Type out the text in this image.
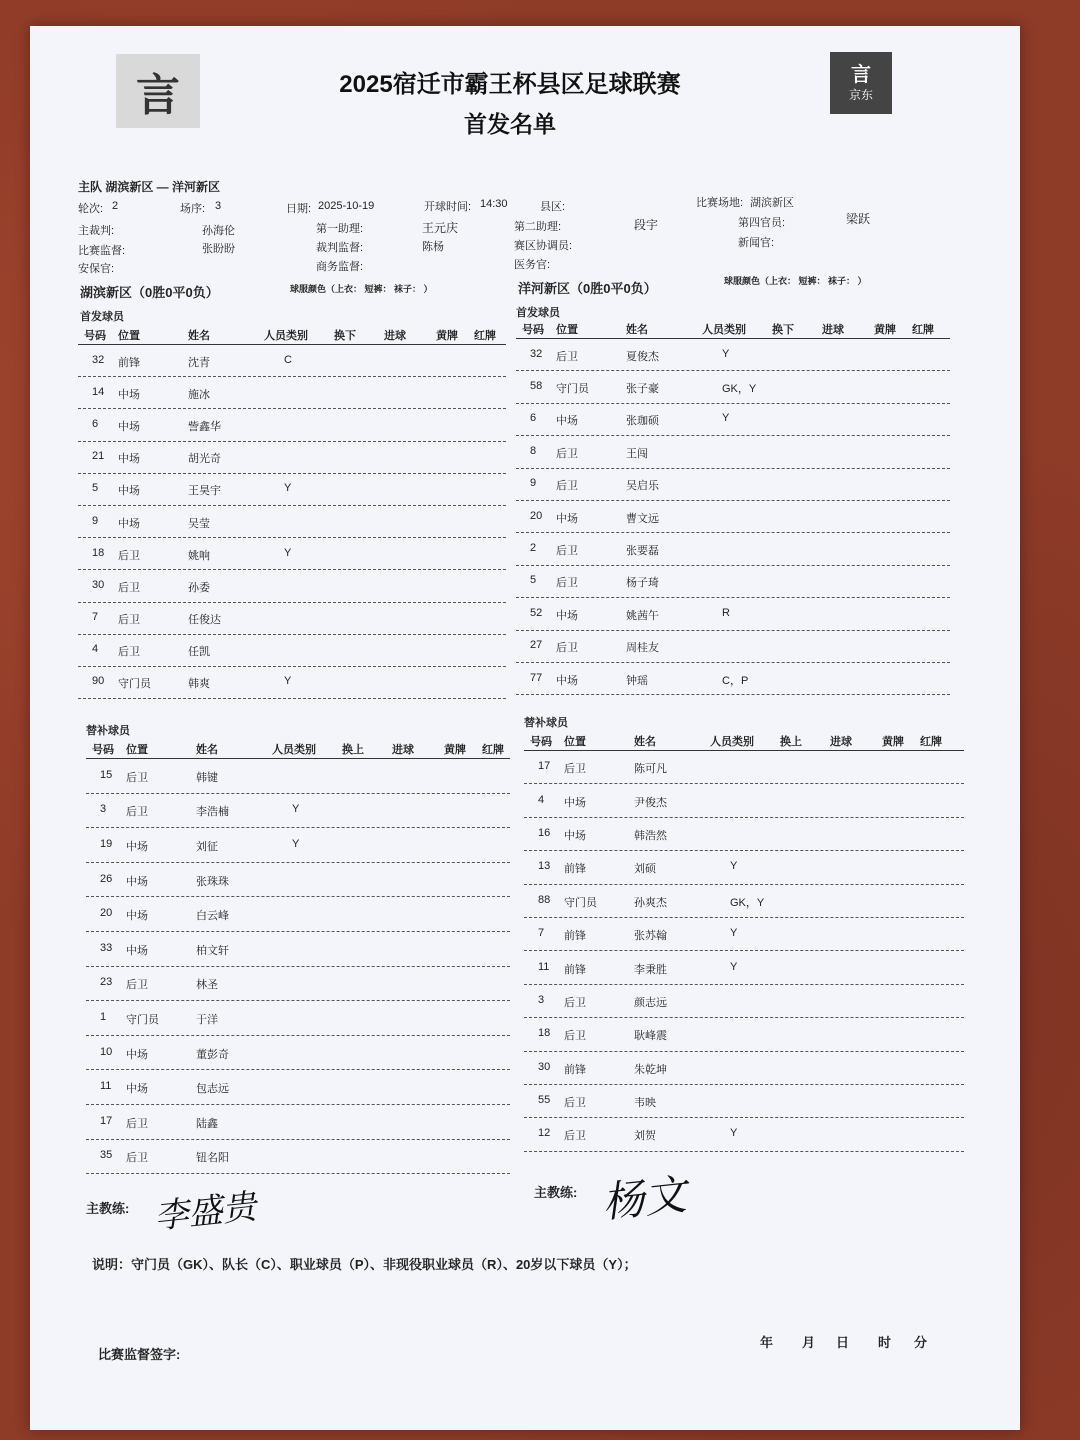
言	言
京东
2025宿迁市霸王杯县区足球联赛
首发名单
主队 湖滨新区 — 洋河新区
轮次: 2	场序: 3	日期: 2025-10-19	开球时间: 14:30	县区:	比赛场地: 湖滨新区
主裁判:	孙海伦	第一助理:	王元庆	第二助理:	段宇	第四官员:	梁跃
比赛监督:	张盼盼	裁判监督:	陈杨	赛区协调员:	新闻官:
安保官:	商务监督:	医务官:
湖滨新区（0胜0平0负）	球服颜色（上衣： 短裤： 袜子： ）	洋河新区（0胜0平0负）	球服颜色（上衣： 短裤： 袜子： ）
首发球员	首发球员
号码 位置	姓名	人员类别 换下	进球	黄牌 红牌
32 前锋	沈青	C
14 中场	施冰
6 中场	訾鑫华
21 中场	胡光奇
5 中场	王昊宇	Y
9 中场	吴莹
18 后卫	姚响	Y
30 后卫	孙委
7 后卫	任俊达
4 后卫	任凯
90 守门员	韩爽	Y
号码 位置	姓名	人员类别 换下	进球	黄牌 红牌
32 后卫	夏俊杰	Y
58 守门员	张子豪	GK，Y
6 中场	张珈硕	Y
8 后卫	王闯
9 后卫	吴启乐
20 中场	曹文远
2 后卫	张要磊
5 后卫	杨子琦
52 中场	姚茜午	R
27 后卫	周桂友
77 中场	钟瑶	C，P
替补球员
替补球员
号码 位置	姓名	人员类别 换上	进球	黄牌 红牌
15 后卫	韩键
3 后卫	李浩楠	Y
19 中场	刘征	Y
26 中场	张珠珠
20 中场	白云峰
33 中场	柏文轩
23 后卫	林圣
1 守门员	于洋
10 中场	董彭奇
11 中场	包志远
17 后卫	陆鑫
35 后卫	钮名阳
号码 位置	姓名	人员类别 换上	进球	黄牌 红牌
17 后卫	陈可凡
4 中场	尹俊杰
16 中场	韩浩然
13 前锋	刘硕	Y
88 守门员	孙爽杰	GK，Y
7 前锋	张苏翰	Y
11 前锋	李秉胜	Y
3 后卫	颜志远
18 后卫	耿峰震
30 前锋	朱乾坤
55 后卫	韦映
12 后卫	刘贺	Y
主教练: 李盛贵	主教练: 杨文
说明：守门员（GK）、队长（C）、职业球员（P）、非现役职业球员（R）、20岁以下球员（Y）；
比赛监督签字:
年 月 日 时 分
